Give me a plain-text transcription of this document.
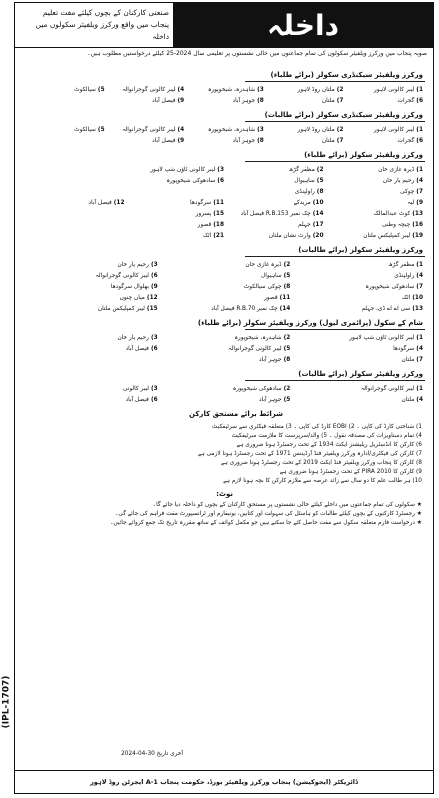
صنعتی کارکنان کے بچوں کیلئے مفت تعلیم
پنجاب میں واقع ورکرز ویلفیئر سکولوں میں داخلہ	داخلہ
صوبہ پنجاب میں ورکرز ویلفیئر سکولوں کی تمام جماعتوں میں خالی نشستوں پر تعلیمی سال 2024-25 کیلئے درخواستیں مطلوب ہیں۔
ورکرز ویلفیئر سیکنڈری سکولز (برائے طلباء)
1)
لیبر کالونی لاہور
2)
ملتان روڈ لاہور
3)
شاہدرہ، شیخوپورہ
4)
لیبر کالونی گوجرانوالہ
5)
سیالکوٹ
6)
گجرات
7)
ملتان
8)
جوہر آباد
9)
فیصل آباد
ورکرز ویلفیئر سیکنڈری سکولز (برائے طالبات)
1)
لیبر کالونی لاہور
2)
ملتان روڈ لاہور
3)
شاہدرہ، شیخوپورہ
4)
لیبر کالونی گوجرانوالہ
5)
سیالکوٹ
6)
گجرات
7)
ملتان
8)
جوہر آباد
9)
فیصل آباد
ورکرز ویلفیئر سکولز (برائے طلباء)
1)
ڈیرہ غازی خان
2)
مظفر گڑھ
3)
لیبر کالونی ٹاؤن شپ لاہور
4)
رحیم یار خان
5)
ساہیوال
6)
سادھوکی شیخوپورہ
7)
چوکی
8)
راولپنڈی
9)
لیہ
10)
مریدکے
11)
سرگودھا
12)
فیصل آباد
13)
کوٹ عبدالمالک
14)
چک نمبر R.B.153 فیصل آباد
15)
پسرور
16)
چیچہ وطنی
17)
جہلم
18)
قصور
19)
لیبر کمپلیکس ملتان
20)
وارث نشان ملتان
21)
اٹک
ورکرز ویلفیئر سکولز (برائے طالبات)
1)
مظفر گڑھ
2)
ڈیرہ غازی خان
3)
رحیم یار خان
4)
راولپنڈی
5)
ساہیوال
6)
لیبر کالونی گوجرانوالہ
7)
سادھوکی شیخوپورہ
8)
چوکی سیالکوٹ
9)
بھلوال سرگودھا
10)
اٹک
11)
قصور
12)
میاں چنوں
13)
سی اے اے ڈی، جہلم
14)
چک نمبر R.B.70 فیصل آباد
15)
لیبر کمپلیکس ملتان
شام کے سکول (پرائمری لیول) ورکرز ویلفیئر سکولز (برائے طلباء)
1)
لیبر کالونی ٹاؤن شپ لاہور
2)
شاہدرہ، شیخوپورہ
3)
رحیم یار خان
4)
سرگودھا
5)
لیبر کالونی گوجرانوالہ
6)
فیصل آباد
7)
ملتان
8)
جوہر آباد
ورکرز ویلفیئر سکولز (برائے طالبات)
1)
لیبر کالونی گوجرانوالہ
2)
سادھوکی شیخوپورہ
3)
لیبر کالونی
4)
ملتان
5)
جوہر آباد
6)
فیصل آباد
شرائط برائے مستحق کارکن
1) شناختی کارڈ کی کاپی ۔ 2) EOBI کارڈ کی کاپی ۔ 3) متعلقہ فیکٹری سے سرٹیفکیٹ
4) تمام دستاویزات کی مصدقہ نقول ۔ 5) والد/سرپرست کا ملازمت سرٹیفکیٹ
6) کارکن کا انڈسٹریل ریلیشنز ایکٹ 1934 کے تحت رجسٹرڈ ہونا ضروری ہے
7) کارکن کی فیکٹری/ادارہ ورکرز ویلفیئر فنڈ آرڈیننس 1971 کے تحت رجسٹرڈ ہونا لازمی ہے
8) کارکن کا پنجاب ورکرز ویلفیئر فنڈ ایکٹ 2019 کے تحت رجسٹرڈ ہونا ضروری ہے
9) کارکن کا PIRA 2010 کے تحت رجسٹرڈ ہونا ضروری ہے
10) ہر طالب علم کا دو سال سے زائد عرصہ سے ملازم کارکن کا بچہ ہونا لازم ہے
نوٹ:
★ سکولوں کی تمام جماعتوں میں داخلے کیلئے خالی نشستوں پر مستحق کارکنان کے بچوں کو داخلہ دیا جائے گا۔
★ رجسٹرڈ کارکنوں کے بچوں کیلئے طالبات کو ہاسٹل کی سہولت اور کتابیں، یونیفارم اور ٹرانسپورٹ مفت فراہم کی جائے گی۔
★ درخواست فارم متعلقہ سکول سے مفت حاصل کئے جا سکتے ہیں جو مکمل کوائف کے ساتھ مقررہ تاریخ تک جمع کروائے جائیں۔
(IPL-1707)
آخری تاریخ 30-04-2024
ڈائریکٹر (ایجوکیشن) پنجاب ورکرز ویلفیئر بورڈ، حکومت پنجاب 1-A ایجرٹن روڈ لاہور
